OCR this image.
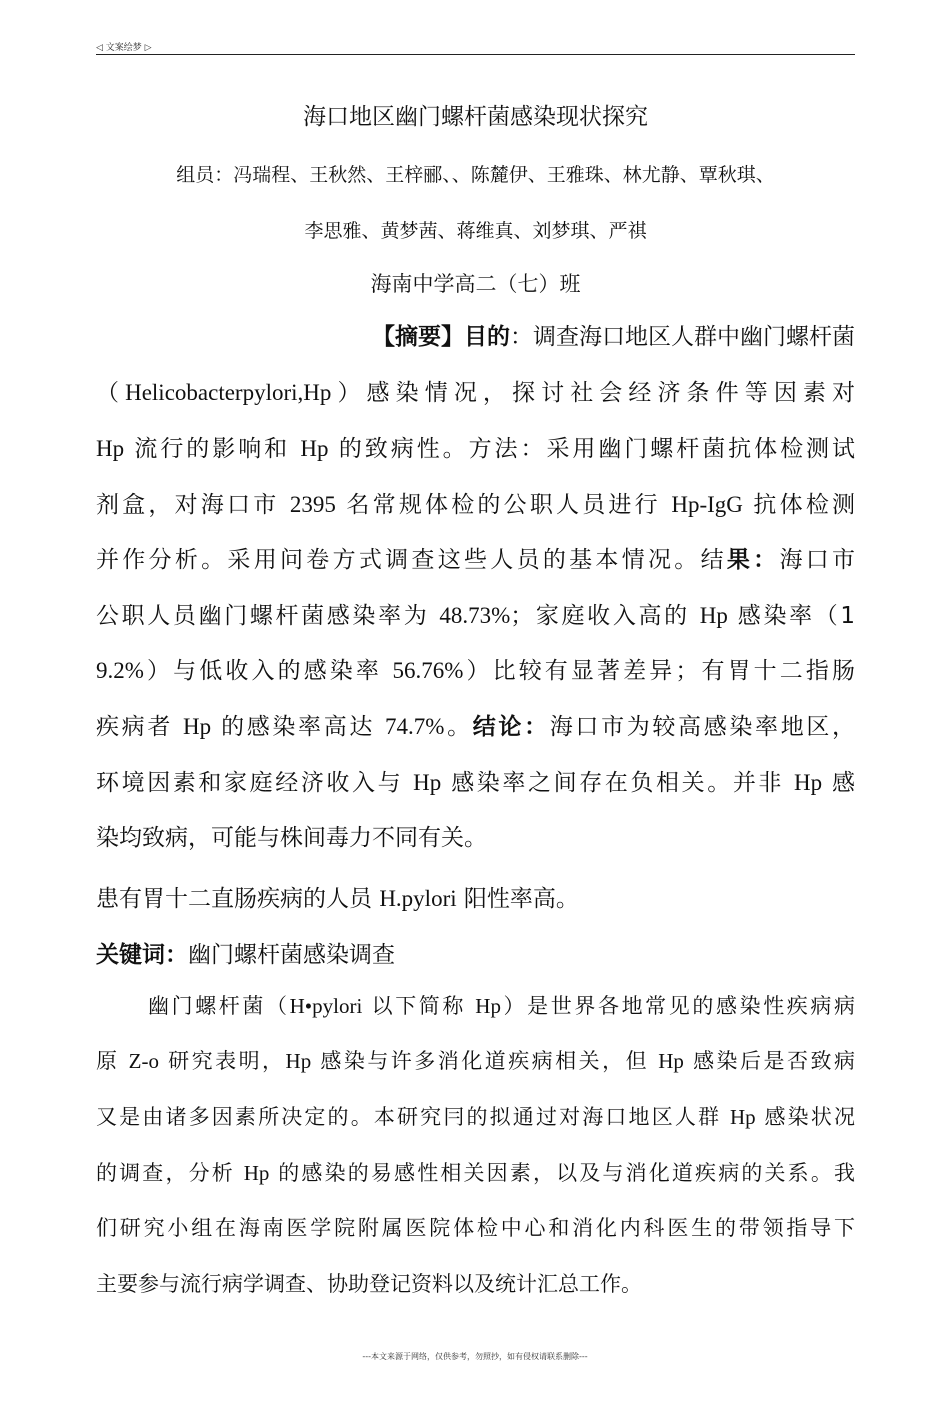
◁ 文案绘梦 ▷
海口地区幽门螺杆菌感染现状探究
组员：冯瑞程、王秋然、王梓郦、、陈麓伊、王雅珠、林尤静、覃秋琪、
李思雅、黄梦茜、蒋维真、刘梦琪、严祺
海南中学高二（七）班
【摘要】目的：调查海口地区人群中幽门螺杆菌
（Helicobacterpylori,Hp）感染情况，探讨社会经济条件等因素对
Hp 流行的影响和 Hp 的致病性。方法：采用幽门螺杆菌抗体检测试
剂盒，对海口市 2395 名常规体检的公职人员进行 Hp-IgG 抗体检测
并作分析。采用问卷方式调查这些人员的基本情况。结果：海口市
公职人员幽门螺杆菌感染率为 48.73%；家庭收入高的 Hp 感染率（1
9.2%）与低收入的感染率 56.76%）比较有显著差异；有胃十二指肠
疾病者 Hp 的感染率高达 74.7%。结论：海口市为较高感染率地区，
环境因素和家庭经济收入与 Hp 感染率之间存在负相关。并非 Hp 感
染均致病，可能与株间毒力不同有关。
患有胃十二直肠疾病的人员 H.pylori 阳性率高。
关键词：幽门螺杆菌感染调查
幽门螺杆菌（H•pylori 以下简称 Hp）是世界各地常见的感染性疾病病
原 Z-o 研究表明，Hp 感染与许多消化道疾病相关，但 Hp 感染后是否致病
又是由诸多因素所决定的。本研究冃的拟通过对海口地区人群 Hp 感染状况
的调查，分析 Hp 的感染的易感性相关因素，以及与消化道疾病的关系。我
们研究小组在海南医学院附属医院体检中心和消化内科医生的带领指导下
主要参与流行病学调查、协助登记资料以及统计汇总工作。
---本文来源于网络，仅供参考，勿照抄，如有侵权请联系删除---
